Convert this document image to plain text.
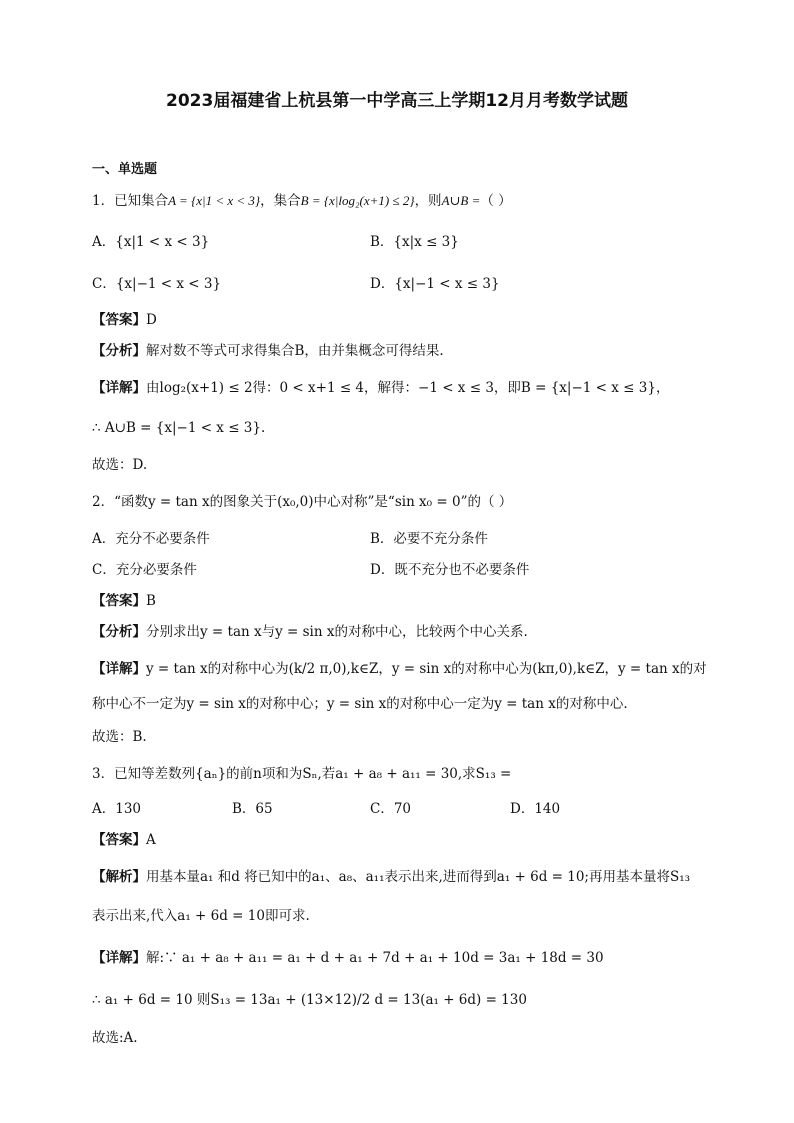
2023届福建省上杭县第一中学高三上学期12月月考数学试题
一、单选题
1．已知集合A = {x|1 < x < 3}，集合B = {x|log₂(x+1) ≤ 2}，则A∪B =（ ）
A．{x|1 < x < 3}	B．{x|x ≤ 3}
C．{x|−1 < x < 3}	D．{x|−1 < x ≤ 3}
【答案】D
【分析】解对数不等式可求得集合B，由并集概念可得结果.
【详解】由log₂(x+1) ≤ 2得：0 < x+1 ≤ 4，解得：−1 < x ≤ 3，即B = {x|−1 < x ≤ 3}，
∴ A∪B = {x|−1 < x ≤ 3}.
故选：D.
2．“函数y = tan x的图象关于(x₀,0)中心对称”是“sin x₀ = 0”的（ ）
A．充分不必要条件	B．必要不充分条件
C．充分必要条件	D．既不充分也不必要条件
【答案】B
【分析】分别求出y = tan x与y = sin x的对称中心，比较两个中心关系.
【详解】y = tan x的对称中心为(k/2 π,0),k∈Z，y = sin x的对称中心为(kπ,0),k∈Z，y = tan x的对
称中心不一定为y = sin x的对称中心；y = sin x的对称中心一定为y = tan x的对称中心.
故选：B.
3．已知等差数列{aₙ}的前n项和为Sₙ,若a₁ + a₈ + a₁₁ = 30,求S₁₃ =
A．130	B．65	C．70	D．140
【答案】A
【解析】用基本量a₁ 和d 将已知中的a₁、a₈、a₁₁表示出来,进而得到a₁ + 6d = 10;再用基本量将S₁₃
表示出来,代入a₁ + 6d = 10即可求.
【详解】解:∵ a₁ + a₈ + a₁₁ = a₁ + d + a₁ + 7d + a₁ + 10d = 3a₁ + 18d = 30
∴ a₁ + 6d = 10 则S₁₃ = 13a₁ + (13×12)/2 d = 13(a₁ + 6d) = 130
故选:A.
